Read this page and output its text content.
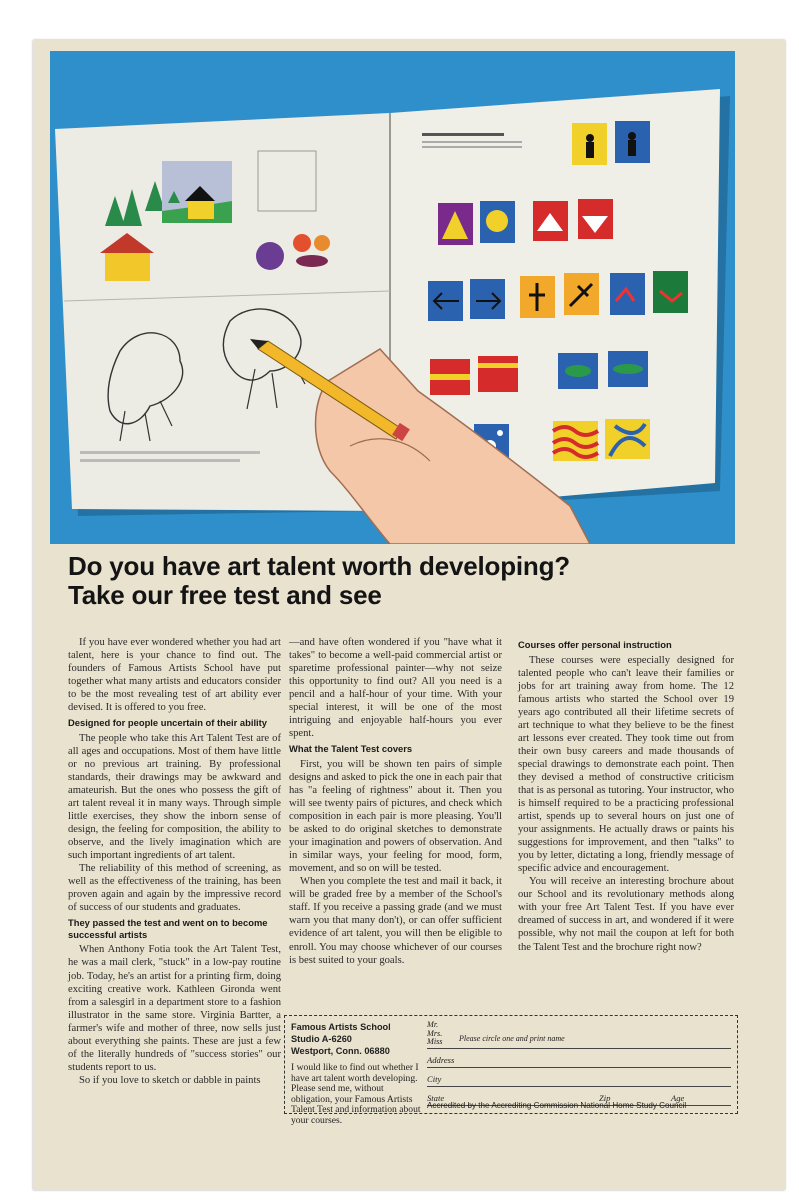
Do you have art talent worth developing?
Take our free test and see

If you have ever wondered whether you had art talent, here is your chance to find out. The founders of Famous Artists School have put together what many artists and educators consider to be the most revealing test of art ability ever devised. It is offered to you free.

Designed for people uncertain of their ability

The people who take this Art Talent Test are of all ages and occupations. Most of them have little or no previous art training. By professional standards, their drawings may be awkward and amateurish. But the ones who possess the gift of art talent reveal it in many ways. Through simple little exercises, they show the inborn sense of design, the feeling for composition, the ability to observe, and the lively imagination which are such important ingredients of art talent.

The reliability of this method of screening, as well as the effectiveness of the training, has been proven again and again by the impressive record of success of our students and graduates.

They passed the test and went on to become successful artists

When Anthony Fotia took the Art Talent Test, he was a mail clerk, "stuck" in a low-pay routine job. Today, he's an artist for a printing firm, doing exciting creative work. Kathleen Gironda went from a salesgirl in a department store to a fashion illustrator in the same store. Virginia Bartter, a farmer's wife and mother of three, now sells just about everything she paints. These are just a few of the literally hundreds of "success stories" our students report to us.

So if you love to sketch or dabble in paints

—and have often wondered if you "have what it takes" to become a well-paid commercial artist or sparetime professional painter—why not seize this opportunity to find out? All you need is a pencil and a half-hour of your time. With your special interest, it will be one of the most intriguing and enjoyable half-hours you ever spent.

What the Talent Test covers

First, you will be shown ten pairs of simple designs and asked to pick the one in each pair that has "a feeling of rightness" about it. Then you will see twenty pairs of pictures, and check which composition in each pair is more pleasing. You'll be asked to do original sketches to demonstrate your imagination and powers of observation. And in similar ways, your feeling for mood, form, movement, and so on will be tested.

When you complete the test and mail it back, it will be graded free by a member of the School's staff. If you receive a passing grade (and we must warn you that many don't), or can offer sufficient evidence of art talent, you will then be eligible to enroll. You may choose whichever of our courses is best suited to your goals.

Courses offer personal instruction

These courses were especially designed for talented people who can't leave their families or jobs for art training away from home. The 12 famous artists who started the School over 19 years ago contributed all their lifetime secrets of art technique to what they believe to be the finest art lessons ever created. They took time out from their own busy careers and made thousands of special drawings to demonstrate each point. Then they devised a method of constructive criticism that is as personal as tutoring. Your instructor, who is himself required to be a practicing professional artist, spends up to several hours on just one of your assignments. He actually draws or paints his suggestions for improvement, and then "talks" to you by letter, dictating a long, friendly message of specific advice and encouragement.

You will receive an interesting brochure about our School and its revolutionary methods along with your free Art Talent Test. If you have ever dreamed of success in art, and wondered if it were possible, why not mail the coupon at left for both the Talent Test and the brochure right now?

Famous Artists School
Studio A-6260
Westport, Conn. 06880
I would like to find out whether I have art talent worth developing. Please send me, without obligation, your Famous Artists Talent Test and information about your courses.
Mr.
Mrs.
Miss Please circle one and print name
Address
City
State	Zip	Age
Accredited by the Accrediting Commission National Home Study Council
